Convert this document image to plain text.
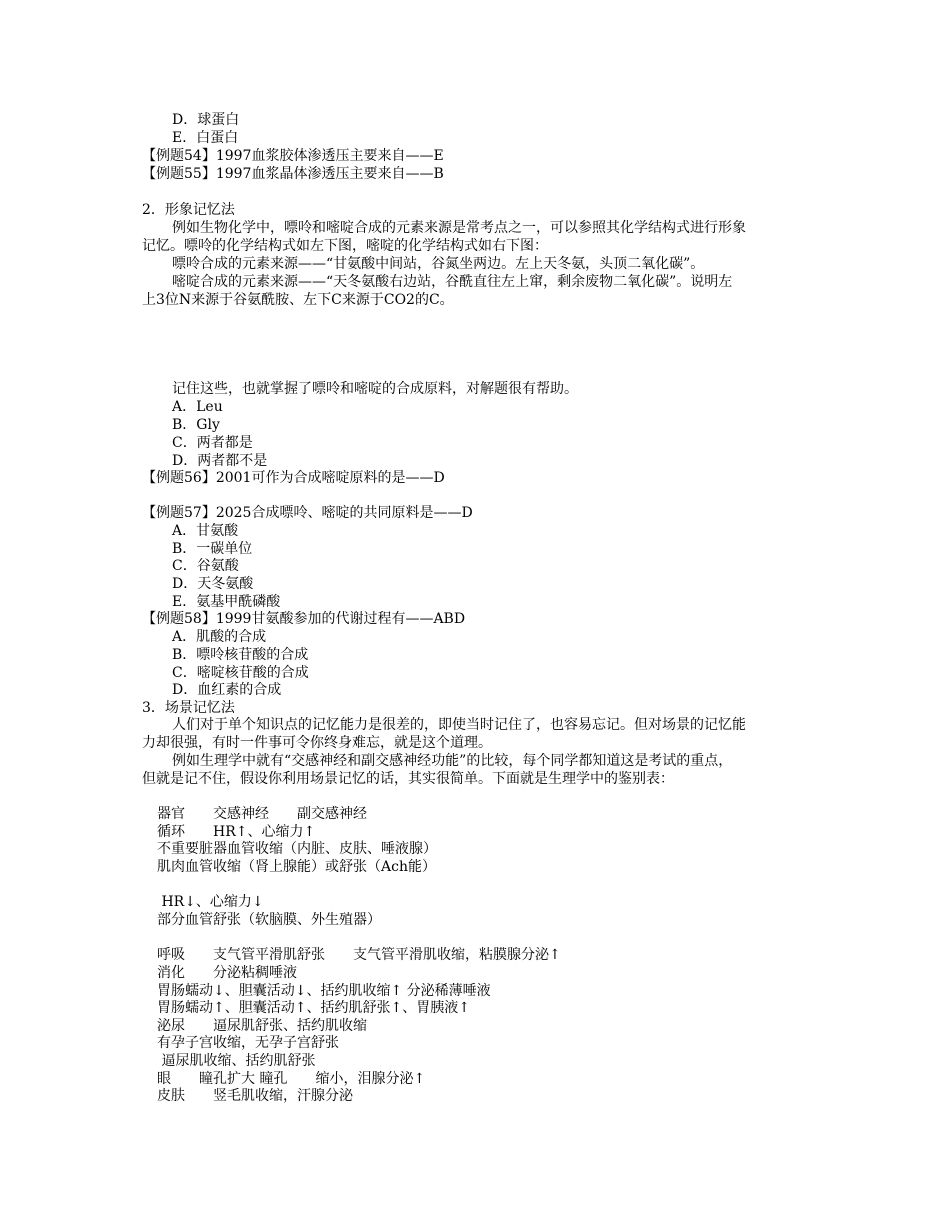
D．球蛋白
E．白蛋白
【例题54】1997血浆胶体渗透压主要来自——E
【例题55】1997血浆晶体渗透压主要来自——B
2．形象记忆法
例如生物化学中，嘌呤和嘧啶合成的元素来源是常考点之一，可以参照其化学结构式进行形象
记忆。嘌呤的化学结构式如左下图，嘧啶的化学结构式如右下图：
嘌呤合成的元素来源——“甘氨酸中间站，谷氮坐两边。左上天冬氨，头顶二氧化碳”。
嘧啶合成的元素来源——“天冬氨酸右边站，谷酰直往左上窜，剩余废物二氧化碳”。说明左
上3位N来源于谷氨酰胺、左下C来源于CO2的C。
记住这些，也就掌握了嘌呤和嘧啶的合成原料，对解题很有帮助。
A．Leu
B．Gly
C．两者都是
D．两者都不是
【例题56】2001可作为合成嘧啶原料的是——D
【例题57】2025合成嘌呤、嘧啶的共同原料是——D
A．甘氨酸
B．一碳单位
C．谷氨酸
D．天冬氨酸
E．氨基甲酰磷酸
【例题58】1999甘氨酸参加的代谢过程有——ABD
A．肌酸的合成
B．嘌呤核苷酸的合成
C．嘧啶核苷酸的合成
D．血红素的合成
3．场景记忆法
人们对于单个知识点的记忆能力是很差的，即使当时记住了，也容易忘记。但对场景的记忆能
力却很强，有时一件事可令你终身难忘，就是这个道理。
例如生理学中就有“交感神经和副交感神经功能”的比较，每个同学都知道这是考试的重点，
但就是记不住，假设你利用场景记忆的话，其实很简单。下面就是生理学中的鉴别表：
器官　　交感神经　　副交感神经
循环　　HR↑、心缩力↑
不重要脏器血管收缩（内脏、皮肤、唾液腺）
肌肉血管收缩（肾上腺能）或舒张（Ach能）
HR↓、心缩力↓
部分血管舒张（软脑膜、外生殖器）
呼吸　　支气管平滑肌舒张　　支气管平滑肌收缩，粘膜腺分泌↑
消化　　分泌粘稠唾液
胃肠蠕动↓、胆囊活动↓、括约肌收缩↑ 分泌稀薄唾液
胃肠蠕动↑、胆囊活动↑、括约肌舒张↑、胃胰液↑
泌尿　　逼尿肌舒张、括约肌收缩
有孕子宫收缩，无孕子宫舒张
逼尿肌收缩、括约肌舒张
眼　　瞳孔扩大 瞳孔　　缩小，泪腺分泌↑
皮肤　　竖毛肌收缩，汗腺分泌
